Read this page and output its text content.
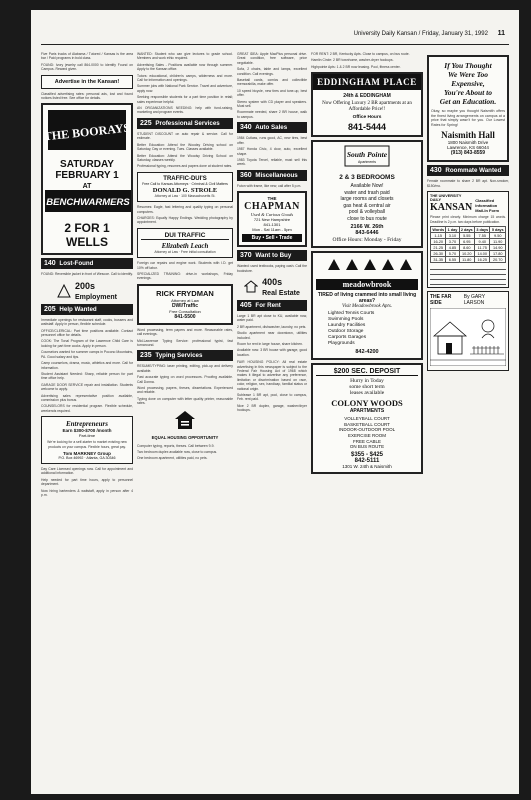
University Daily Kansan / Friday, January 31, 1992 11

Five Paris trucks of Alabama / Tutored / Kansas is the area bar / Paid programs in bold class.

FOUND: Ivory jewelry call 864-0000 to identify Found on Campus. Reward given.

Advertise in the Kansan!

Classified advertising rates: personal ads, lost and found notices listed free. See office for details.

THE BOORAYS
SATURDAY
FEBRUARY 1
AT
BENCHWARMERS
2 FOR 1
WELLS
140 Lost-Found

FOUND: Reversible jacket in front of Wescoe. Call to identify.

200s
Employment
205 Help Wanted

Immediate openings for restaurant staff, cooks, bussers and waitstaff. Apply in person, flexible schedule.

OFFICE/CLERICAL: Part time positions available. Contact personnel office for details.

COOK: The Tonal Program of the Lawrence Child Care is looking for part time cooks. Apply in person.

Counselors wanted for summer camps in Pocono Mountains, PA. Good salary and tips.

Camp counselors, drama, music, athletics and more. Call for information.

Student Assistant Needed: Sharp, reliable person for part time office help.

GARAGE DOOR SERVICE repair and installation. Students welcome to apply.

Advertising sales representative position available, commission plus bonus.

COUNSELORS for residential program. Flexible schedule, weekends required.

Entrepreneurs
Earn $300-$700 /month
Part-time
We're looking for a self-starter to market existing new products on your campus. Flexible hours, great pay.
Tom MARKNEY Group
P.O. Box 46992 · Atlanta, GA 30346

Day Care Licensed openings now. Call for appointment and additional information.

Help needed for part time hours, apply to personnel department.

Now hiring bartenders & waitstaff, apply in person after 4 p.m.

WANTED: Student who can give lectures to grade school. Members and work ethic required.

Advertising Sales - Positions available now through summer. Apply to the Kansan office.

Tutors: educational, children's camps, wilderness and more. Call for information and openings.

Summer jobs with National Park Service. Travel and adventure, apply now.

Seeking responsible students for a part time position in retail; sales experience helpful.

AN ORGANIZATIONS NEEDING: help with fund-raising, marketing and program events.

225 Professional Services

STUDENT DISCOUNT on auto repair & service. Call for estimate.

Better Education: Attend the Woodsy Driving school on Saturday, Day or evening. Tues. Classes available.

Better Education: Attend the Woodsy Driving School on Saturday, classes weekly.

Professional typing, resumes and papers done at student rates.

TRAFFIC-DUI'S
Free Call to Kansas Attorneys · Criminal & Civil Matters
DONALD G. STROLE
Attorney at Law · 100 Massachusetts St.

Resumes: Eagle, fast lettering and quality typing on personal computers.

CHARGES: Equally Happy Endings. Wedding photography by appointment.

DUI TRAFFIC
Elizabeth Leach
Attorney at Law · Free initial consultation

Foreign car repairs and engine work. Students with I.D. get 10% off labor.

SPECIALIZED TRAINING: drive-in workshops, Friday evenings.

RICK FRYDMAN
Attorney at Law
DWI/Traffic
Free Consultation
841-5500

Word processing, term papers and more. Reasonable rates, call evenings.

Mid-Lawrence Typing Service: professional typist, fast turnaround.

235 Typing Services

RESUME/TYPING: laser printing, editing, pick-up and delivery available.

Fast accurate typing on word processors. Proofing available. Call Donna.

Word processing, papers, theses, dissertations. Experienced and reliable.

Typing done on computer with letter quality printer, reasonable rates.

EQUAL HOUSING OPPORTUNITY

Computer typing, reports, theses. Call between 9-9.

Two bedroom duplex available now, close to campus.

One bedroom apartment, utilities paid, no pets.

GREAT IDEA: Apple MacPlus personal drive. Great condition, free software, price negotiable.

Sofa, 2 chairs, table and lamps, excellent condition. Call evenings.

Baseball cards, comics and collectible memorabilia, make offer.

10 speed bicycle, new tires and tune-up, best offer.

Stereo system with CD player and speakers. Must sell.

Roommate needed, share 2 BR house, walk to campus.

340 Auto Sales

1984 Cutlass, runs good, AC, new tires, best offer.

1987 Honda Civic, 4 door, auto, excellent shape.

1983 Toyota Tercel, reliable, must sell this week.

360 Miscellaneous

Futon with frame, like new, call after 5 p.m.

THE
CHAPMAN
Used & Curious Goods
721 New Hampshire
841-1301
Mon - Sat 11am - 5pm
Buy • Sell • Trade
370 Want to Buy

Wanted: used textbooks, paying cash. Call the bookstore.

400s
Real Estate
405 For Rent

Large 1 BR apt close to KU, available now, water paid.

2 BR apartment, dishwasher, laundry, no pets.

Studio apartment near downtown, utilities included.

Room for rent in large house, share kitchen.

Available now: 3 BR house with garage, good location.

FAIR HOUSING POLICY: All real estate advertising in this newspaper is subject to the Federal Fair Housing Act of 1968 which makes it illegal to advertise any preference, limitation or discrimination based on race, color, religion, sex, handicap, familial status or national origin.

Sublease 1 BR apt, pool, close to campus, Feb. rent paid.

Nice 2 BR duplex, garage, washer/dryer hookups.

FOR RENT: 2 BR, Kentucky Apts. Close to campus, on bus route.

Hamlin Circle: 2 BR townhome, washer-dryer hookups.

Highpointe Apts: 1 & 2 BR now leasing. Pool, fitness center.

EDDINGHAM PLACE
24th & EDDINGHAM
Now Offering Luxury 2 BR apartments at an Affordable Price!!
Office Hours
841-5444
South Pointe
Apartments
2 & 3 BEDROOMS
Available Now!
water and trash paid
large rooms and closets
gas heat & central air
pool & volleyball
close to bus route
2166 W. 26th
843-6446
Office Hours: Monday - Friday
meadowbrook
TIRED of living crammed into small living areas?
Visit Meadowbrook Apts.
Lighted Tennis Courts
Swimming Pools
Laundry Facilities
Outdoor Storage
Carports Garages
Playgrounds
842-4200
$200 SEC. DEPOSIT
Hurry in Today
some short term
leases available
COLONY WOODS
APARTMENTS
VOLLEYBALL COURT
BASKETBALL COURT
INDOOR-OUTDOOR POOL
EXERCISE ROOM
FREE CABLE
ON BUS ROUTE
$355 - $425
842-5111
1301 W. 24th & Naismith
If You Thought
We Were Too
Expensive,
You're About to
Get an Education.
Okay, so maybe you thought Naismith offers the finest living arrangements on campus at a price that simply wasn't for you. Our Lowest Rates for Spring!
Naismith Hall
1800 Naismith Drive
Lawrence, KS 66044
(913) 843-8559
430 Roommate Wanted

Female roommate to share 2 BR apt. Non-smoker, $150/mo.

THE UNIVERSITY DAILY
KANSAN
Classified Information Mail-In Form
Please print clearly. Minimum charge 15 words. Deadline is 2 p.m. two days before publication.
Words	1 day	2 days	3 days	5 days
1-15	3.10	5.55	7.55	9.50
16-20	3.70	6.95	9.40	11.90
21-25	4.85	8.60	11.75	14.90
26-30	5.70	10.20	14.00	17.80
31-35	6.55	11.80	16.25	20.70
THE FAR SIDE
By GARY LARSON
